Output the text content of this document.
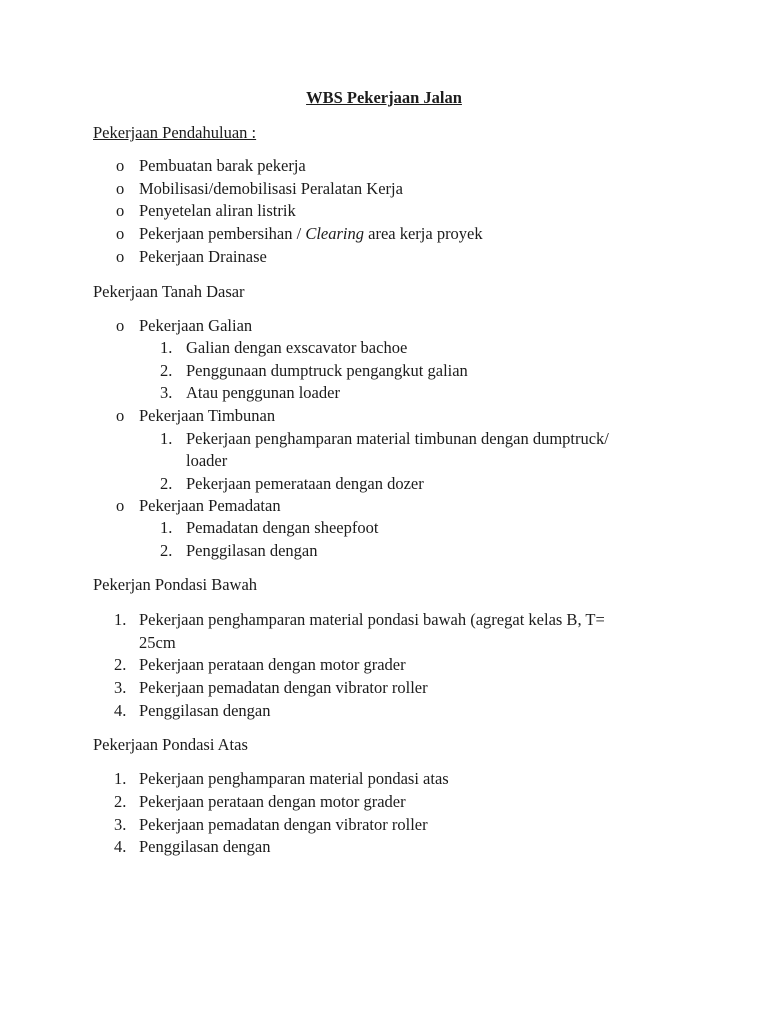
WBS Pekerjaan Jalan
Pekerjaan Pendahuluan :
o Pembuatan barak pekerja
o Mobilisasi/demobilisasi Peralatan Kerja
o Penyetelan aliran listrik
o Pekerjaan pembersihan / Clearing area kerja proyek
o Pekerjaan Drainase
Pekerjaan Tanah Dasar
o Pekerjaan Galian
1. Galian dengan exscavator bachoe
2. Penggunaan dumptruck pengangkut galian
3. Atau penggunan loader
o Pekerjaan Timbunan
1. Pekerjaan penghamparan material timbunan dengan dumptruck/
loader
2. Pekerjaan pemerataan dengan dozer
o Pekerjaan Pemadatan
1. Pemadatan dengan sheepfoot
2. Penggilasan dengan
Pekerjan Pondasi Bawah
1. Pekerjaan penghamparan material pondasi bawah (agregat kelas B, T=
25cm
2. Pekerjaan perataan dengan motor grader
3. Pekerjaan pemadatan dengan vibrator roller
4. Penggilasan dengan
Pekerjaan Pondasi Atas
1. Pekerjaan penghamparan material pondasi atas
2. Pekerjaan perataan dengan motor grader
3. Pekerjaan pemadatan dengan vibrator roller
4. Penggilasan dengan
